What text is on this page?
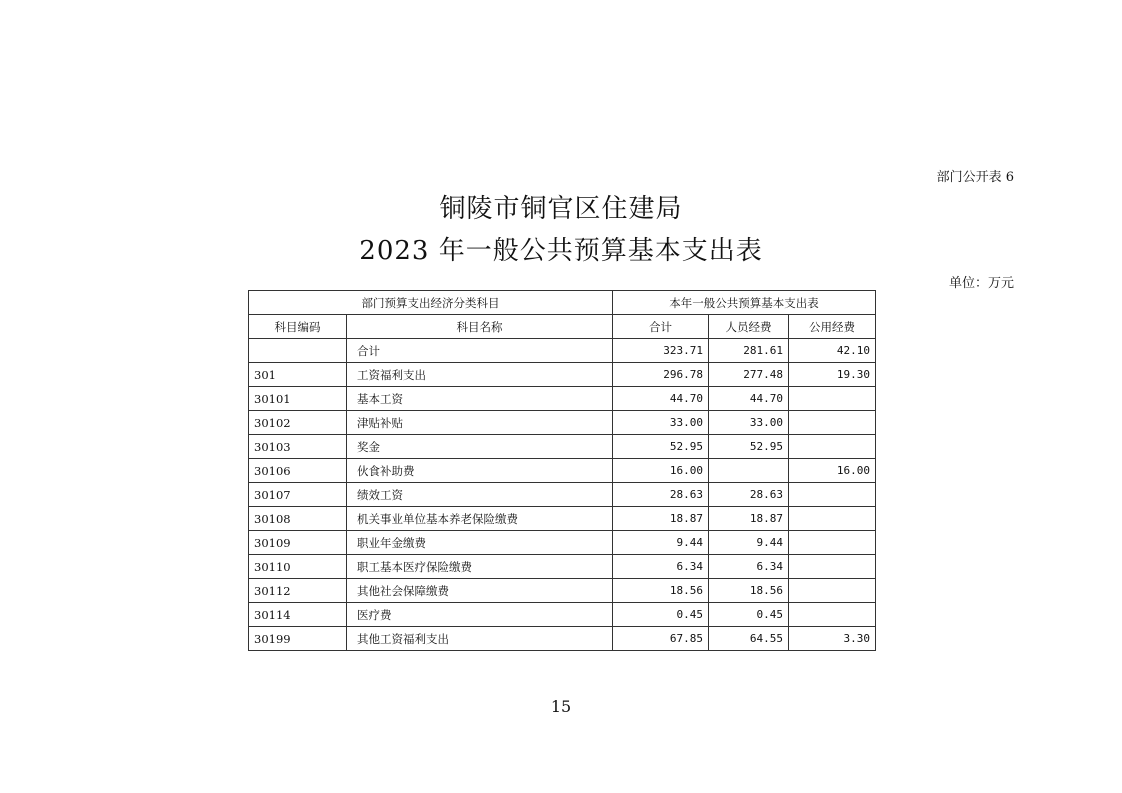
部门公开表 6
铜陵市铜官区住建局
2023 年一般公共预算基本支出表
单位：万元
部门预算支出经济分类科目		本年一般公共预算基本支出表		
科目编码	科目名称	合计	人员经费	公用经费
	合计	323.71	281.61	42.10
301	工资福利支出	296.78	277.48	19.30
30101	基本工资	44.70	44.70	
30102	津贴补贴	33.00	33.00	
30103	奖金	52.95	52.95	
30106	伙食补助费	16.00		16.00
30107	绩效工资	28.63	28.63	
30108	机关事业单位基本养老保险缴费	18.87	18.87	
30109	职业年金缴费	9.44	9.44	
30110	职工基本医疗保险缴费	6.34	6.34	
30112	其他社会保障缴费	18.56	18.56	
30114	医疗费	0.45	0.45	
30199	其他工资福利支出	67.85	64.55	3.30
15
